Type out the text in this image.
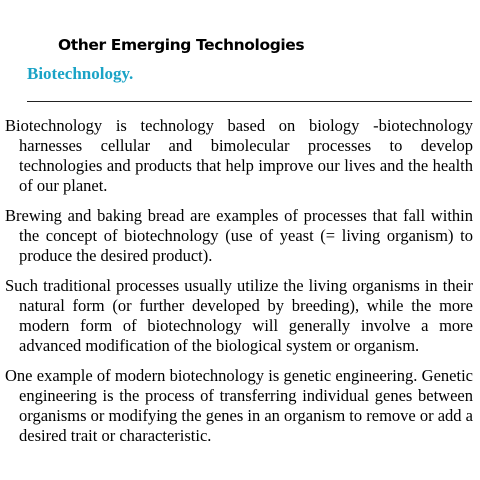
Other Emerging Technologies
Biotechnology.

Biotechnology is technology based on biology -biotechnology harnesses cellular and bimolecular processes to develop technologies and products that help improve our lives and the health of our planet.

Brewing and baking bread are examples of processes that fall within the concept of biotechnology (use of yeast (= living organism) to produce the desired product).

Such traditional processes usually utilize the living organisms in their natural form (or further developed by breeding), while the more modern form of biotechnology will generally involve a more advanced modification of the biological system or organism.

One example of modern biotechnology is genetic engineering. Genetic engineering is the process of transferring individual genes between organisms or modifying the genes in an organism to remove or add a desired trait or characteristic.
